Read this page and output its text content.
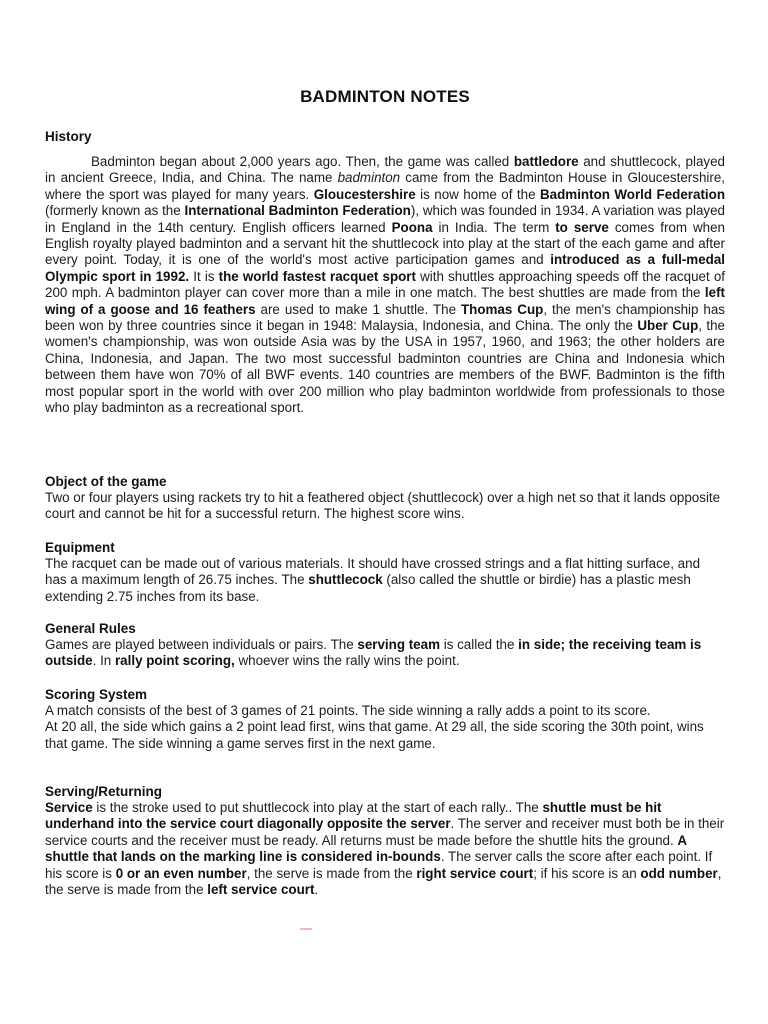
BADMINTON NOTES

History

Badminton began about 2,000 years ago. Then, the game was called battledore and shuttlecock, played in ancient Greece, India, and China. The name badminton came from the Badminton House in Gloucestershire, where the sport was played for many years. Gloucestershire is now home of the Badminton World Federation (formerly known as the International Badminton Federation), which was founded in 1934. A variation was played in England in the 14th century. English officers learned Poona in India. The term to serve comes from when English royalty played badminton and a servant hit the shuttlecock into play at the start of the each game and after every point. Today, it is one of the world's most active participation games and introduced as a full-medal Olympic sport in 1992. It is the world fastest racquet sport with shuttles approaching speeds off the racquet of 200 mph. A badminton player can cover more than a mile in one match. The best shuttles are made from the left wing of a goose and 16 feathers are used to make 1 shuttle. The Thomas Cup, the men's championship has been won by three countries since it began in 1948: Malaysia, Indonesia, and China. The only the Uber Cup, the women's championship, was won outside Asia was by the USA in 1957, 1960, and 1963; the other holders are China, Indonesia, and Japan. The two most successful badminton countries are China and Indonesia which between them have won 70% of all BWF events. 140 countries are members of the BWF. Badminton is the fifth most popular sport in the world with over 200 million who play badminton worldwide from professionals to those who play badminton as a recreational sport.

Object of the game

Two or four players using rackets try to hit a feathered object (shuttlecock) over a high net so that it lands opposite court and cannot be hit for a successful return. The highest score wins.

Equipment

The racquet can be made out of various materials. It should have crossed strings and a flat hitting surface, and has a maximum length of 26.75 inches. The shuttlecock (also called the shuttle or birdie) has a plastic mesh extending 2.75 inches from its base.

General Rules

Games are played between individuals or pairs. The serving team is called the in side; the receiving team is outside. In rally point scoring, whoever wins the rally wins the point.

Scoring System

A match consists of the best of 3 games of 21 points. The side winning a rally adds a point to its score.

At 20 all, the side which gains a 2 point lead first, wins that game. At 29 all, the side scoring the 30th point, wins that game. The side winning a game serves first in the next game.

Serving/Returning

Service is the stroke used to put shuttlecock into play at the start of each rally.. The shuttle must be hit underhand into the service court diagonally opposite the server. The server and receiver must both be in their service courts and the receiver must be ready. All returns must be made before the shuttle hits the ground. A shuttle that lands on the marking line is considered in-bounds. The server calls the score after each point. If his score is 0 or an even number, the serve is made from the right service court; if his score is an odd number, the serve is made from the left service court.
